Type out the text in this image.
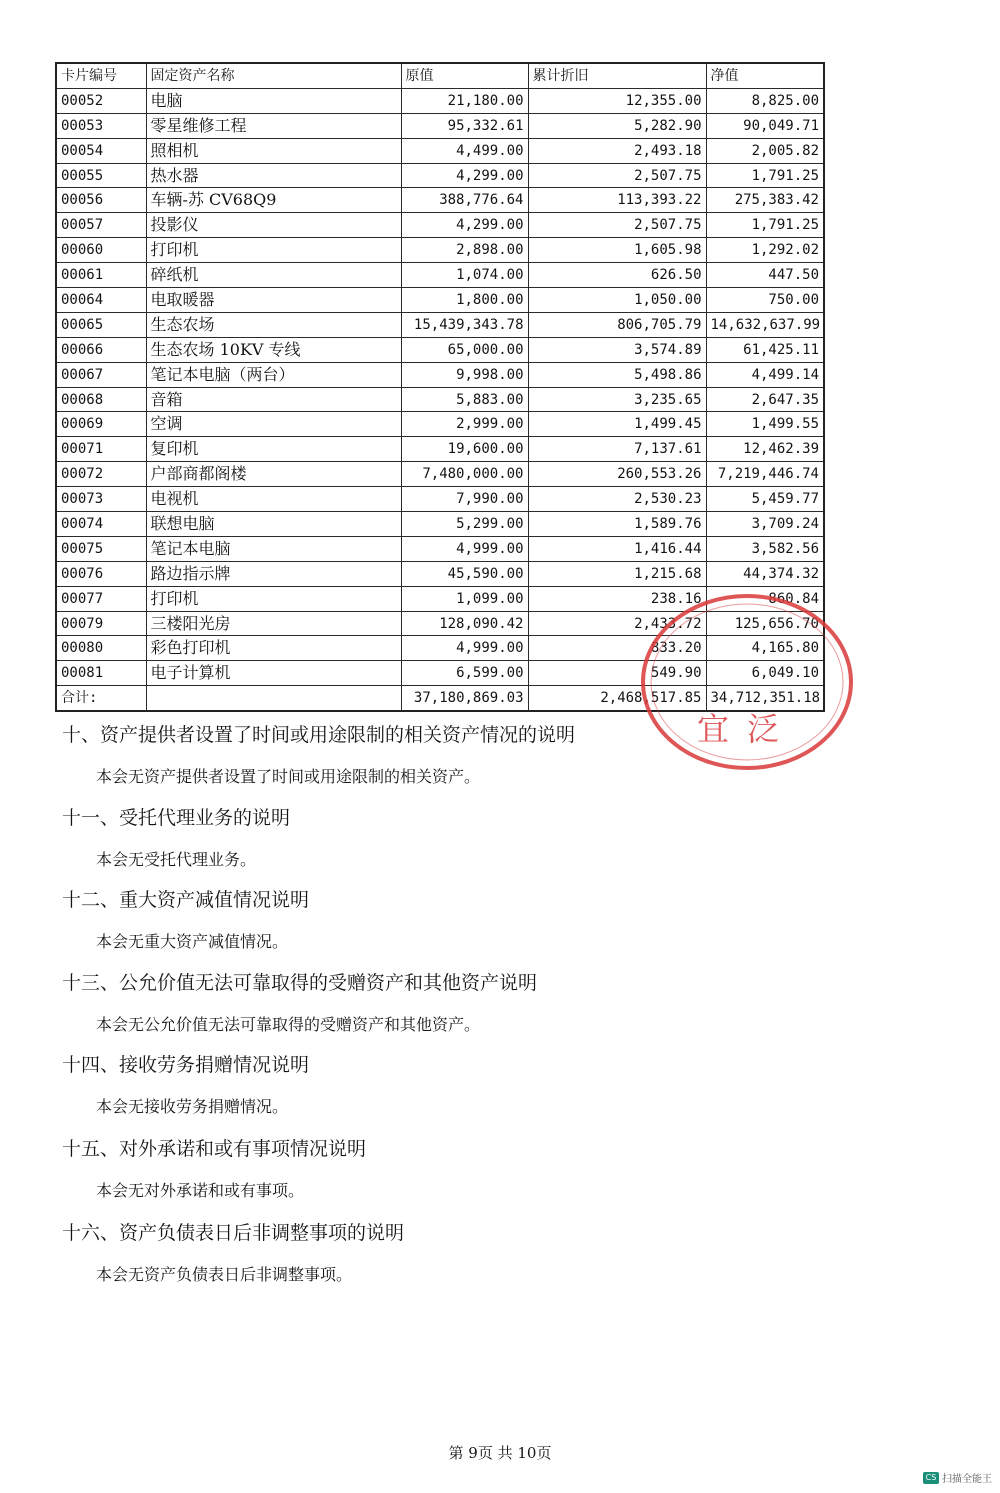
卡片编号	固定资产名称	原值	累计折旧	净值
00052	电脑	21,180.00	12,355.00	8,825.00
00053	零星维修工程	95,332.61	5,282.90	90,049.71
00054	照相机	4,499.00	2,493.18	2,005.82
00055	热水器	4,299.00	2,507.75	1,791.25
00056	车辆-苏 CV68Q9	388,776.64	113,393.22	275,383.42
00057	投影仪	4,299.00	2,507.75	1,791.25
00060	打印机	2,898.00	1,605.98	1,292.02
00061	碎纸机	1,074.00	626.50	447.50
00064	电取暖器	1,800.00	1,050.00	750.00
00065	生态农场	15,439,343.78	806,705.79	14,632,637.99
00066	生态农场 10KV 专线	65,000.00	3,574.89	61,425.11
00067	笔记本电脑（两台）	9,998.00	5,498.86	4,499.14
00068	音箱	5,883.00	3,235.65	2,647.35
00069	空调	2,999.00	1,499.45	1,499.55
00071	复印机	19,600.00	7,137.61	12,462.39
00072	户部商都阁楼	7,480,000.00	260,553.26	7,219,446.74
00073	电视机	7,990.00	2,530.23	5,459.77
00074	联想电脑	5,299.00	1,589.76	3,709.24
00075	笔记本电脑	4,999.00	1,416.44	3,582.56
00076	路边指示牌	45,590.00	1,215.68	44,374.32
00077	打印机	1,099.00	238.16	860.84
00079	三楼阳光房	128,090.42	2,433.72	125,656.70
00080	彩色打印机	4,999.00	833.20	4,165.80
00081	电子计算机	6,599.00	549.90	6,049.10
合计:		37,180,869.03	2,468,517.85	34,712,351.18
宜泛
十、资产提供者设置了时间或用途限制的相关资产情况的说明
本会无资产提供者设置了时间或用途限制的相关资产。
十一、受托代理业务的说明
本会无受托代理业务。
十二、重大资产减值情况说明
本会无重大资产减值情况。
十三、公允价值无法可靠取得的受赠资产和其他资产说明
本会无公允价值无法可靠取得的受赠资产和其他资产。
十四、接收劳务捐赠情况说明
本会无接收劳务捐赠情况。
十五、对外承诺和或有事项情况说明
本会无对外承诺和或有事项。
十六、资产负债表日后非调整事项的说明
本会无资产负债表日后非调整事项。
第 9页 共 10页
CS 扫描全能王
